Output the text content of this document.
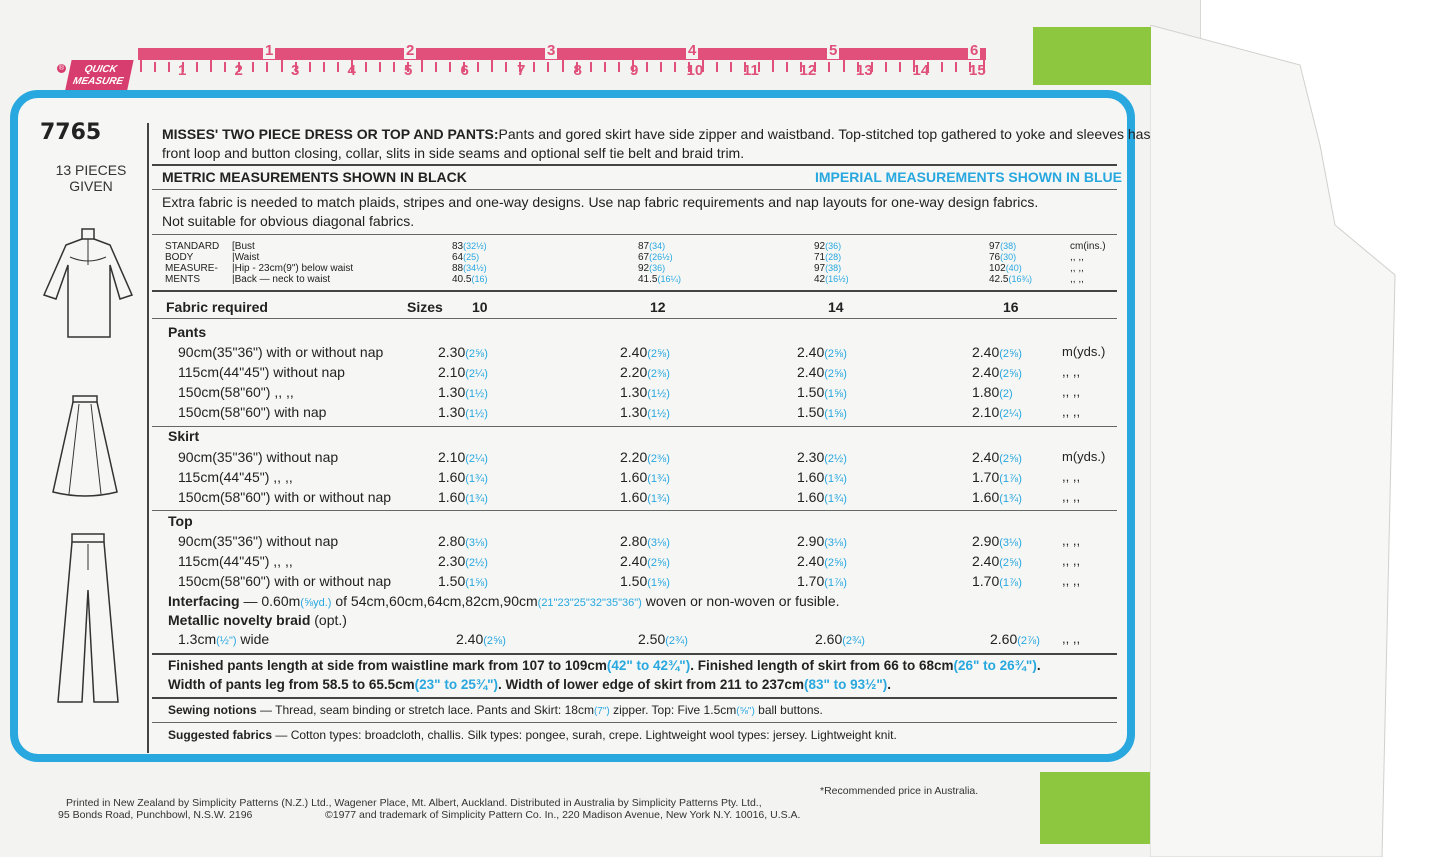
®	QUICK
MEASURE
1	2	3	4	5	6
1	2	3	4	5	6	7	8	9	10	11	12	13	14	15
7765
13 PIECES
GIVEN
MISSES' TWO PIECE DRESS OR TOP AND PANTS:Pants and gored skirt have side zipper and waistband. Top-stitched top gathered to yoke and sleeves has
front loop and button closing, collar, slits in side seams and optional self tie belt and braid trim.
METRIC MEASUREMENTS SHOWN IN BLACK	IMPERIAL MEASUREMENTS SHOWN IN BLUE
Extra fabric is needed to match plaids, stripes and one-way designs. Use nap fabric requirements and nap layouts for one-way design fabrics.
Not suitable for obvious diagonal fabrics.
STANDARD
BODY
MEASURE-
MENTS
[Bust	83(32½)	87(34)	92(36)	97(38)	cm(ins.)
|Waist	64(25)	67(26½)	71(28)	76(30)	,, ,,
|Hip - 23cm(9") below waist	88(34½)	92(36)	97(38)	102(40)	,, ,,
|Back — neck to waist	40.5(16)	41.5(16¼)	42(16½)	42.5(16¾)	,, ,,
Fabric required	Sizes 10	12	14	16
Pants
90cm(35"36") with or without nap	2.30(2⅝)	2.40(2⅝)	2.40(2⅝)	2.40(2⅝)	m(yds.)
115cm(44"45") without nap	2.10(2¼)	2.20(2⅜)	2.40(2⅝)	2.40(2⅝)	,, ,,
150cm(58"60") ,, ,,	1.30(1½)	1.30(1½)	1.50(1⅝)	1.80(2)	,, ,,
150cm(58"60") with nap	1.30(1½)	1.30(1½)	1.50(1⅝)	2.10(2¼)	,, ,,
Skirt
90cm(35"36") without nap	2.10(2¼)	2.20(2⅜)	2.30(2½)	2.40(2⅝)	m(yds.)
115cm(44"45") ,, ,,	1.60(1¾)	1.60(1¾)	1.60(1¾)	1.70(1⅞)	,, ,,
150cm(58"60") with or without nap	1.60(1¾)	1.60(1¾)	1.60(1¾)	1.60(1¾)	,, ,,
Top
90cm(35"36") without nap	2.80(3⅛)	2.80(3⅛)	2.90(3⅛)	2.90(3⅛)	,, ,,
115cm(44"45") ,, ,,	2.30(2½)	2.40(2⅝)	2.40(2⅝)	2.40(2⅝)	,, ,,
150cm(58"60") with or without nap	1.50(1⅝)	1.50(1⅝)	1.70(1⅞)	1.70(1⅞)	,, ,,
Interfacing — 0.60m(⅝yd.) of 54cm,60cm,64cm,82cm,90cm(21"23"25"32"35"36") woven or non-woven or fusible.
Metallic novelty braid (opt.)
1.3cm(½") wide	2.40(2⅝)	2.50(2¾)	2.60(2¾)	2.60(2⅞) ,, ,,
Finished pants length at side from waistline mark from 107 to 109cm(42" to 42¾"). Finished length of skirt from 66 to 68cm(26" to 26¾").
Width of pants leg from 58.5 to 65.5cm(23" to 25¾"). Width of lower edge of skirt from 211 to 237cm(83" to 93½").
Sewing notions — Thread, seam binding or stretch lace. Pants and Skirt: 18cm(7") zipper. Top: Five 1.5cm(⅝") ball buttons.
Suggested fabrics — Cotton types: broadcloth, challis. Silk types: pongee, surah, crepe. Lightweight wool types: jersey. Lightweight knit.
*Recommended price in Australia.
Printed in New Zealand by Simplicity Patterns (N.Z.) Ltd., Wagener Place, Mt. Albert, Auckland. Distributed in Australia by Simplicity Patterns Pty. Ltd.,
95 Bonds Road, Punchbowl, N.S.W. 2196	©1977 and trademark of Simplicity Pattern Co. In., 220 Madison Avenue, New York N.Y. 10016, U.S.A.
